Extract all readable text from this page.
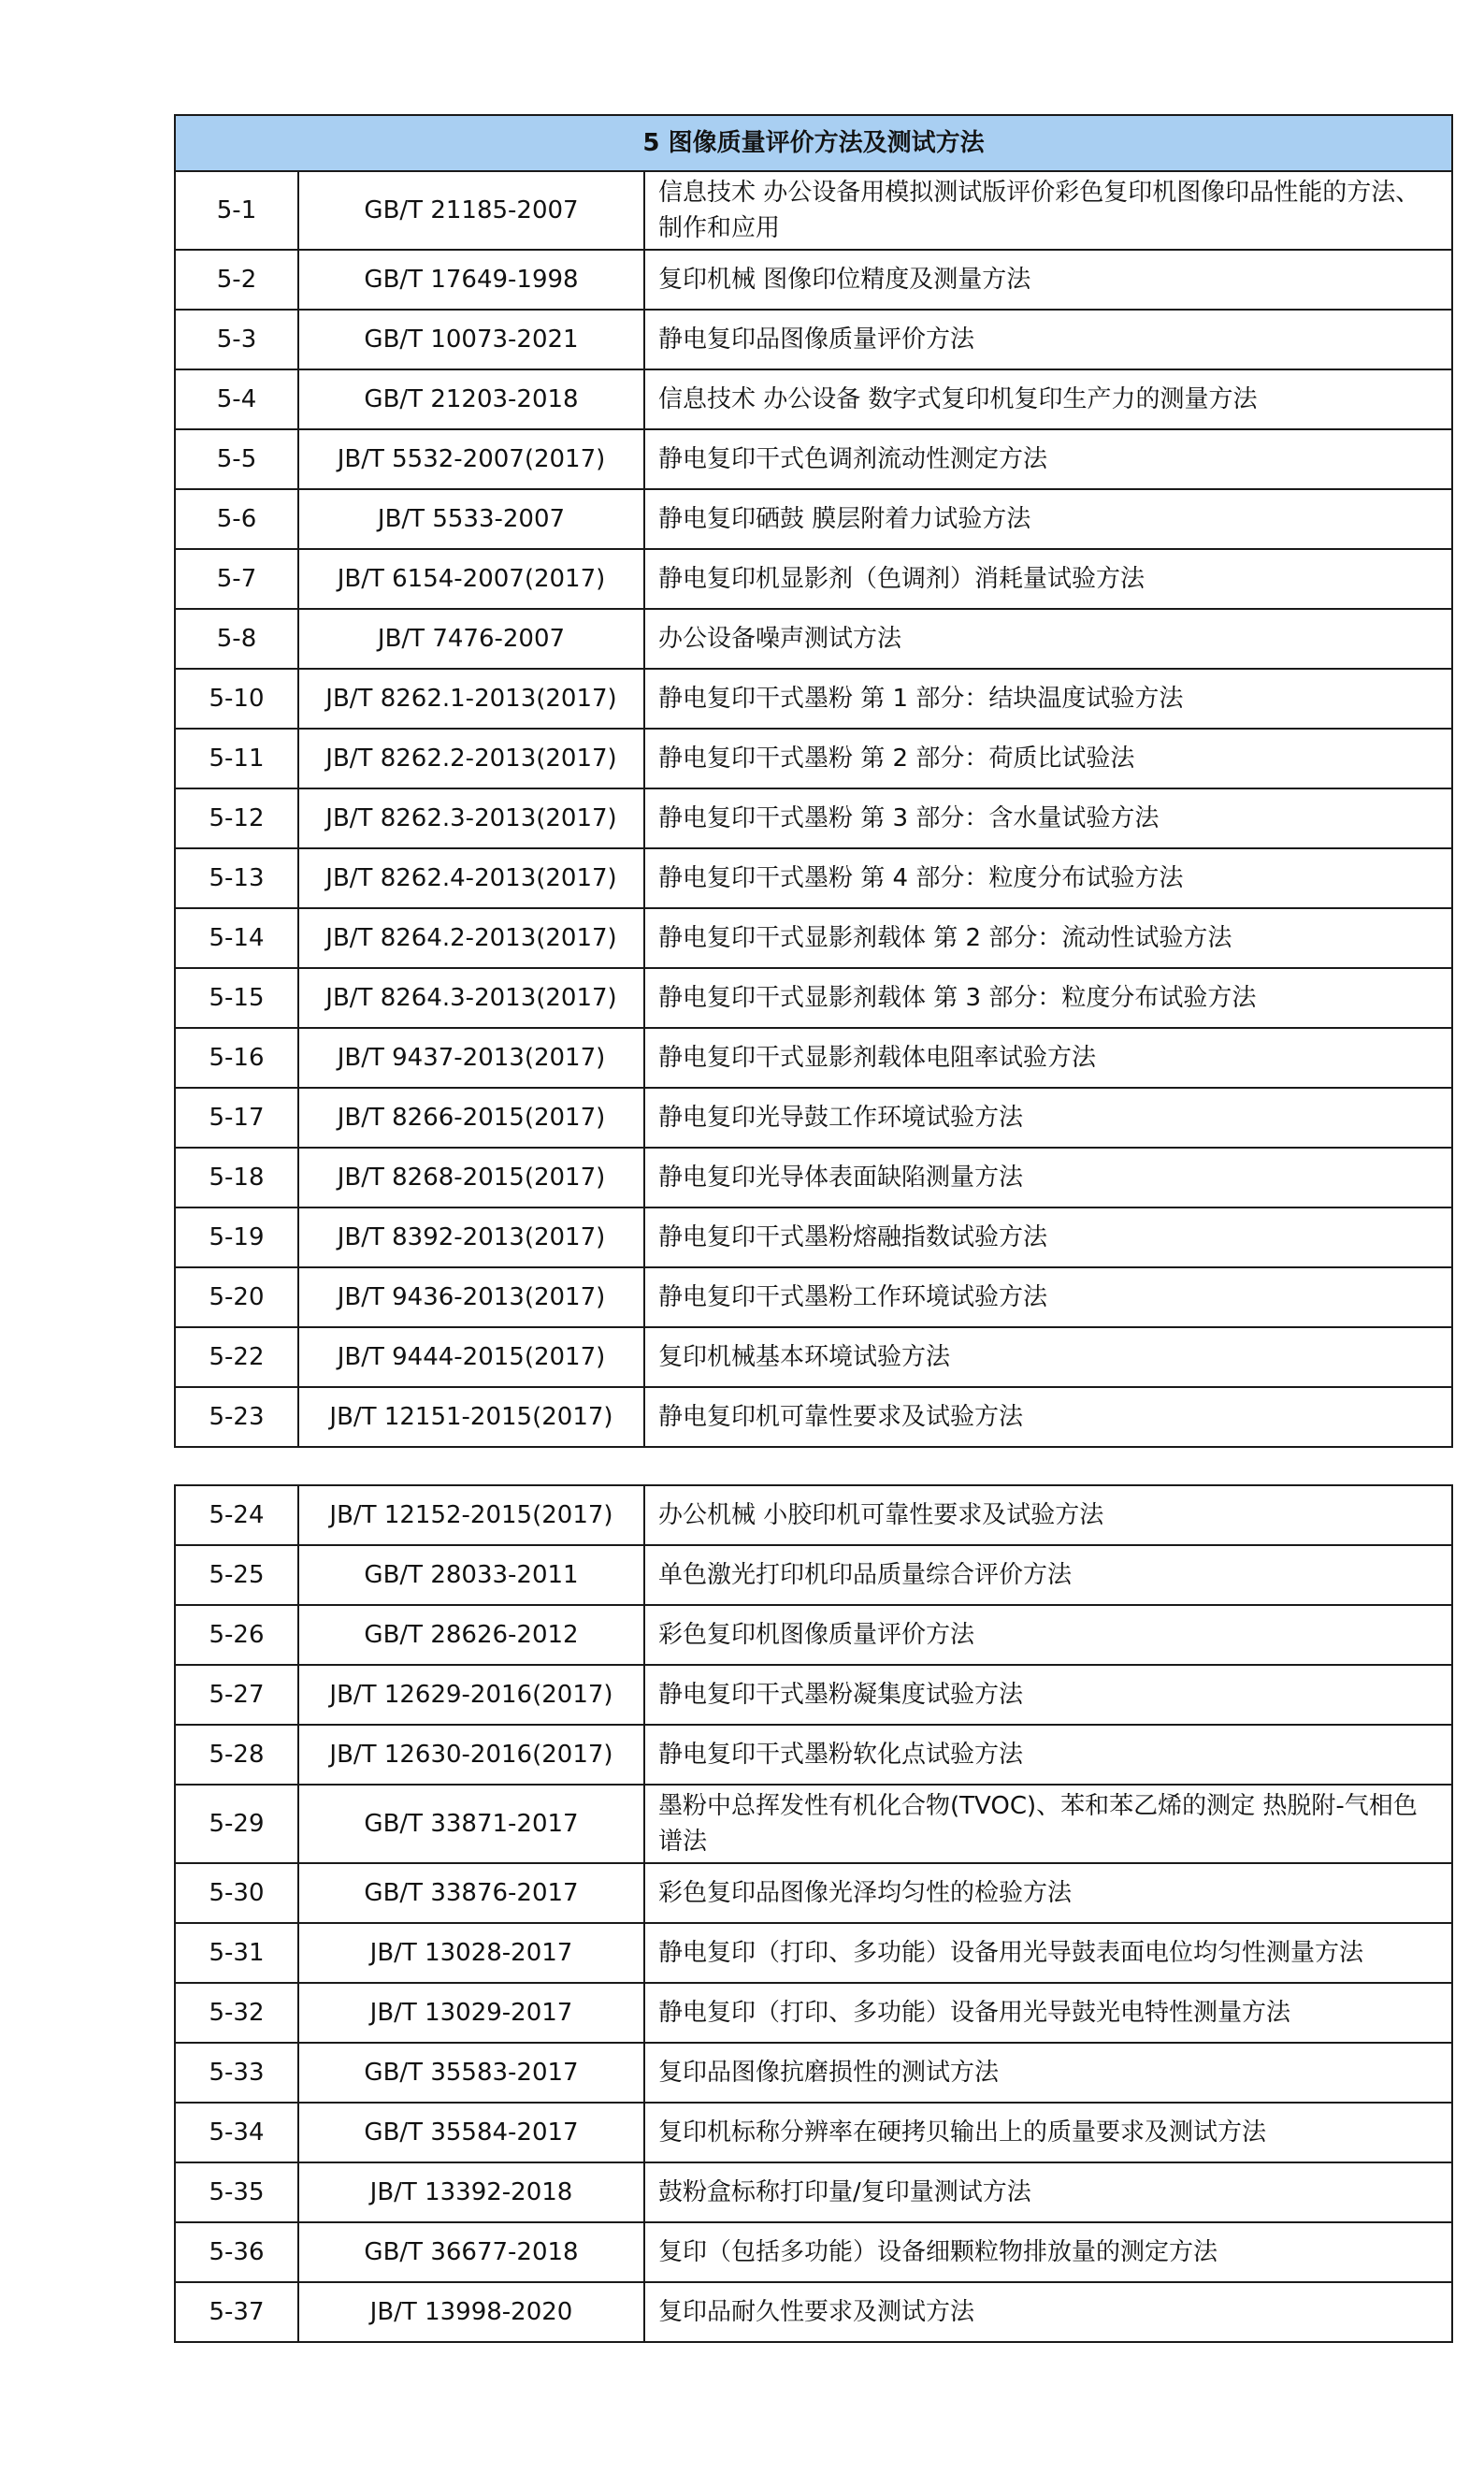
5 图像质量评价方法及测试方法		
5-1	GB/T 21185-2007	信息技术 办公设备用模拟测试版评价彩色复印机图像印品性能的方法、制作和应用
5-2	GB/T 17649-1998	复印机械 图像印位精度及测量方法
5-3	GB/T 10073-2021	静电复印品图像质量评价方法
5-4	GB/T 21203-2018	信息技术 办公设备 数字式复印机复印生产力的测量方法
5-5	JB/T 5532-2007(2017)	静电复印干式色调剂流动性测定方法
5-6	JB/T 5533-2007	静电复印硒鼓 膜层附着力试验方法
5-7	JB/T 6154-2007(2017)	静电复印机显影剂（色调剂）消耗量试验方法
5-8	JB/T 7476-2007	办公设备噪声测试方法
5-10	JB/T 8262.1-2013(2017)	静电复印干式墨粉 第 1 部分：结块温度试验方法
5-11	JB/T 8262.2-2013(2017)	静电复印干式墨粉 第 2 部分：荷质比试验法
5-12	JB/T 8262.3-2013(2017)	静电复印干式墨粉 第 3 部分：含水量试验方法
5-13	JB/T 8262.4-2013(2017)	静电复印干式墨粉 第 4 部分：粒度分布试验方法
5-14	JB/T 8264.2-2013(2017)	静电复印干式显影剂载体 第 2 部分：流动性试验方法
5-15	JB/T 8264.3-2013(2017)	静电复印干式显影剂载体 第 3 部分：粒度分布试验方法
5-16	JB/T 9437-2013(2017)	静电复印干式显影剂载体电阻率试验方法
5-17	JB/T 8266-2015(2017)	静电复印光导鼓工作环境试验方法
5-18	JB/T 8268-2015(2017)	静电复印光导体表面缺陷测量方法
5-19	JB/T 8392-2013(2017)	静电复印干式墨粉熔融指数试验方法
5-20	JB/T 9436-2013(2017)	静电复印干式墨粉工作环境试验方法
5-22	JB/T 9444-2015(2017)	复印机械基本环境试验方法
5-23	JB/T 12151-2015(2017)	静电复印机可靠性要求及试验方法
5-24	JB/T 12152-2015(2017)	办公机械 小胶印机可靠性要求及试验方法
5-25	GB/T 28033-2011	单色激光打印机印品质量综合评价方法
5-26	GB/T 28626-2012	彩色复印机图像质量评价方法
5-27	JB/T 12629-2016(2017)	静电复印干式墨粉凝集度试验方法
5-28	JB/T 12630-2016(2017)	静电复印干式墨粉软化点试验方法
5-29	GB/T 33871-2017	墨粉中总挥发性有机化合物(TVOC)、苯和苯乙烯的测定 热脱附-气相色谱法
5-30	GB/T 33876-2017	彩色复印品图像光泽均匀性的检验方法
5-31	JB/T 13028-2017	静电复印（打印、多功能）设备用光导鼓表面电位均匀性测量方法
5-32	JB/T 13029-2017	静电复印（打印、多功能）设备用光导鼓光电特性测量方法
5-33	GB/T 35583-2017	复印品图像抗磨损性的测试方法
5-34	GB/T 35584-2017	复印机标称分辨率在硬拷贝输出上的质量要求及测试方法
5-35	JB/T 13392-2018	鼓粉盒标称打印量/复印量测试方法
5-36	GB/T 36677-2018	复印（包括多功能）设备细颗粒物排放量的测定方法
5-37	JB/T 13998-2020	复印品耐久性要求及测试方法
